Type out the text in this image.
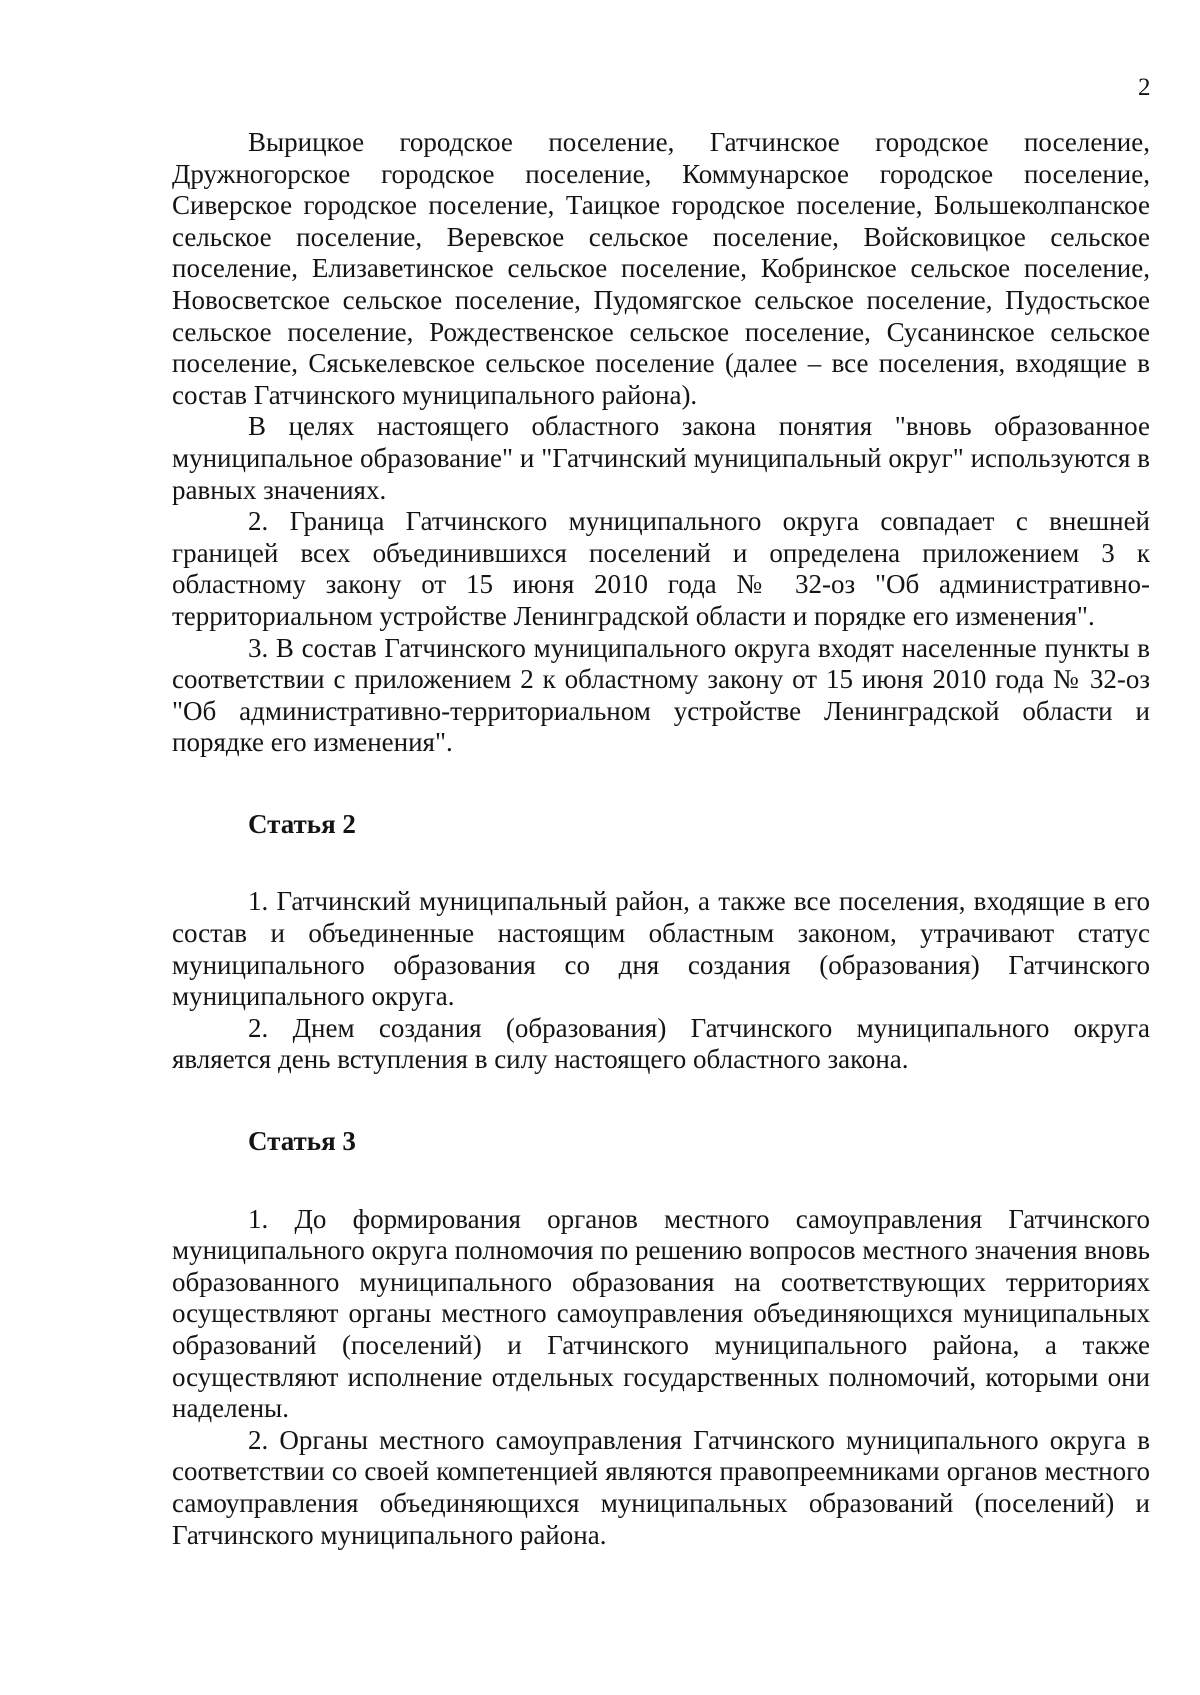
2

Вырицкое городское поселение, Гатчинское городское поселение, Дружногорское городское поселение, Коммунарское городское поселение, Сиверское городское поселение, Таицкое городское поселение, Большеколпанское сельское поселение, Веревское сельское поселение, Войсковицкое сельское поселение, Елизаветинское сельское поселение, Кобринское сельское поселение, Новосветское сельское поселение, Пудомягское сельское поселение, Пудостьское сельское поселение, Рождественское сельское поселение, Сусанинское сельское поселение, Сяськелевское сельское поселение (далее – все поселения, входящие в состав Гатчинского муниципального района).

В целях настоящего областного закона понятия "вновь образованное муниципальное образование" и "Гатчинский муниципальный округ" используются в равных значениях.

2. Граница Гатчинского муниципального округа совпадает с внешней границей всех объединившихся поселений и определена приложением 3 к областному закону от 15 июня 2010 года № 32-оз "Об административно-территориальном устройстве Ленинградской области и порядке его изменения".

3. В состав Гатчинского муниципального округа входят населенные пункты в соответствии с приложением 2 к областному закону от 15 июня 2010 года № 32-оз "Об административно-территориальном устройстве Ленинградской области и порядке его изменения".

Статья 2

1. Гатчинский муниципальный район, а также все поселения, входящие в его состав и объединенные настоящим областным законом, утрачивают статус муниципального образования со дня создания (образования) Гатчинского муниципального округа.

2. Днем создания (образования) Гатчинского муниципального округа является день вступления в силу настоящего областного закона.

Статья 3

1. До формирования органов местного самоуправления Гатчинского муниципального округа полномочия по решению вопросов местного значения вновь образованного муниципального образования на соответствующих территориях осуществляют органы местного самоуправления объединяющихся муниципальных образований (поселений) и Гатчинского муниципального района, а также осуществляют исполнение отдельных государственных полномочий, которыми они наделены.

2. Органы местного самоуправления Гатчинского муниципального округа в соответствии со своей компетенцией являются правопреемниками органов местного самоуправления объединяющихся муниципальных образований (поселений) и Гатчинского муниципального района.
